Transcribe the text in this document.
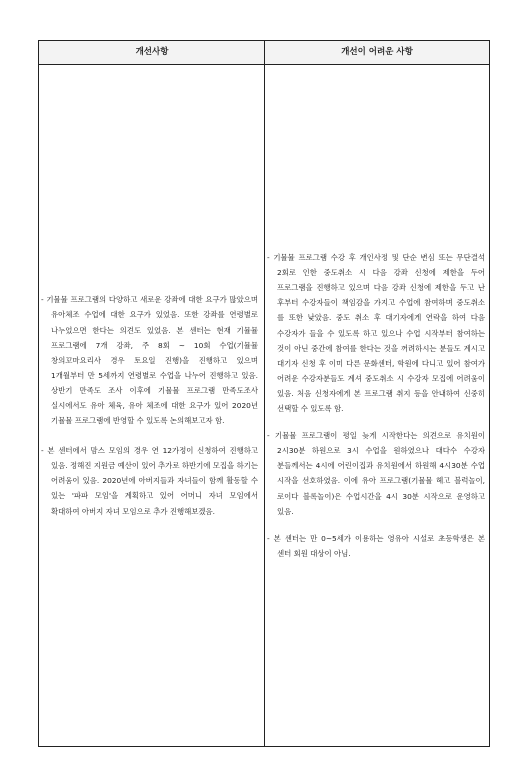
개선사항	개선이 어려운 사항

- 기뮬뮬 프로그램의 다양하고 새로운 강좌에 대한 요구가 많았으며 유아체조 수업에 대한 요구가 있었음. 또한 강좌를 연령별로 나누었으면 한다는 의견도 있었음. 본 센터는 현재 기뮬뮬 프로그램에 7개 강좌, 주 8회 ~ 10회 수업(기뮬뮬 창의꼬마요리사 경우 토요일 진행)을 진행하고 있으며 1개월부터 만 5세까지 연령별로 수업을 나누어 진행하고 있음. 상반기 만족도 조사 이후에 기뮬뮬 프로그램 만족도조사 실시에서도 유아 체육, 유아 체조에 대한 요구가 있어 2020년 기뮬뮬 프로그램에 반영할 수 있도록 논의해보고자 함.

- 본 센터에서 맘스 모임의 경우 연 12가정이 신청하여 진행하고 있음. 정해진 지원금 예산이 있어 추가로 하반기에 모집을 하기는 어려움이 있음. 2020년에 아버지들과 자녀들이 함께 활동할 수 있는 '파파 모임'을 계획하고 있어 어머니 자녀 모임에서 확대하여 아버지 자녀 모임으로 추가 진행해보겠음.

- 기뮬뮬 프로그램 수강 후 개인사정 및 단순 변심 또는 무단결석 2회로 인한 중도취소 시 다음 강좌 신청에 제한을 두어 프로그램을 진행하고 있으며 다음 강좌 신청에 제한을 두고 난 후부터 수강자들이 책임감을 가지고 수업에 참여하며 중도취소 를 또한 낮았음. 중도 취소 후 대기자에게 연락을 하여 다음 수강자가 들을 수 있도록 하고 있으나 수업 시작부터 참여하는 것이 아닌 중간에 참여를 한다는 것을 꺼려하시는 분들도 계시고 대기자 신청 후 이미 다른 문화센터, 학원에 다니고 있어 참여가 어려운 수강자분들도 계셔 중도취소 시 수강자 모집에 어려움이 있음. 처음 신청자에게 본 프로그램 취지 등을 안내하여 신중히 선택할 수 있도록 함.

- 기뮬뮬 프로그램이 평일 늦게 시작한다는 의견으로 유치원이 2시30분 하원으로 3시 수업을 원하였으나 대다수 수강자 분들께서는 4시에 어린이집과 유치원에서 하원해 4시30분 수업 시작을 선호하였음. 이에 유아 프로그램(기뮬뮬 헤고 블럭놀이, 로이다 블록놀이)은 수업시간을 4시 30분 시작으로 운영하고 있음.

- 본 센터는 만 0~5세가 이용하는 영유아 시설로 초등학생은 본 센터 회원 대상이 아님.
